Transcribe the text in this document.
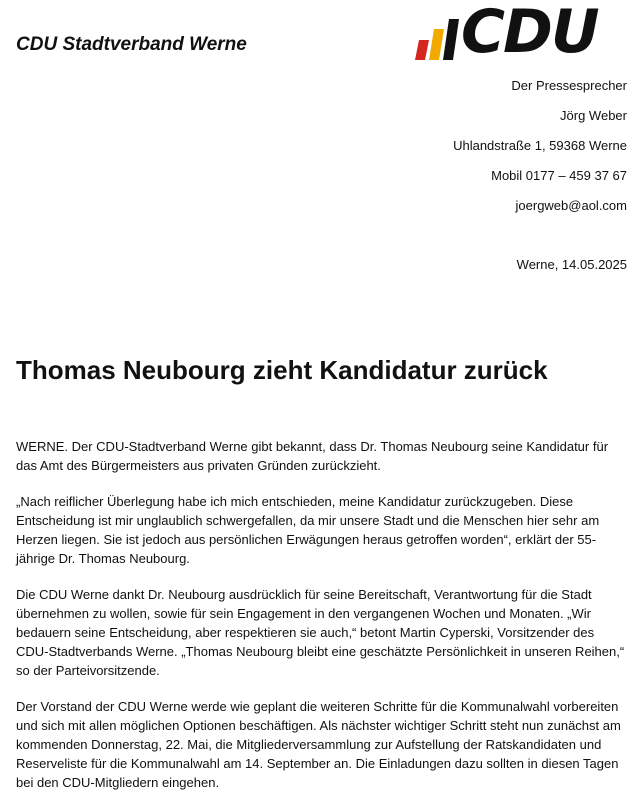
CDU Stadtverband Werne	CDU
Der Pressesprecher
Jörg Weber
Uhlandstraße 1, 59368 Werne
Mobil 0177 – 459 37 67
joergweb@aol.com
Werne, 14.05.2025
Thomas Neubourg zieht Kandidatur zurück

WERNE. Der CDU-Stadtverband Werne gibt bekannt, dass Dr. Thomas Neubourg seine Kandidatur für das Amt des Bürgermeisters aus privaten Gründen zurückzieht.

„Nach reiflicher Überlegung habe ich mich entschieden, meine Kandidatur zurückzugeben. Diese Entscheidung ist mir unglaublich schwergefallen, da mir unsere Stadt und die Menschen hier sehr am Herzen liegen. Sie ist jedoch aus persönlichen Erwägungen heraus getroffen worden“, erklärt der 55-jährige Dr. Thomas Neubourg.

Die CDU Werne dankt Dr. Neubourg ausdrücklich für seine Bereitschaft, Verantwortung für die Stadt übernehmen zu wollen, sowie für sein Engagement in den vergangenen Wochen und Monaten. „Wir bedauern seine Entscheidung, aber respektieren sie auch,“ betont Martin Cyperski, Vorsitzender des CDU-Stadtverbands Werne. „Thomas Neubourg bleibt eine geschätzte Persönlichkeit in unseren Reihen,“ so der Parteivorsitzende.

Der Vorstand der CDU Werne werde wie geplant die weiteren Schritte für die Kommunalwahl vorbereiten und sich mit allen möglichen Optionen beschäftigen. Als nächster wichtiger Schritt steht nun zunächst am kommenden Donnerstag, 22. Mai, die Mitgliederversammlung zur Aufstellung der Ratskandidaten und Reserveliste für die Kommunalwahl am 14. September an. Die Einladungen dazu sollten in diesen Tagen bei den CDU-Mitgliedern eingehen.
